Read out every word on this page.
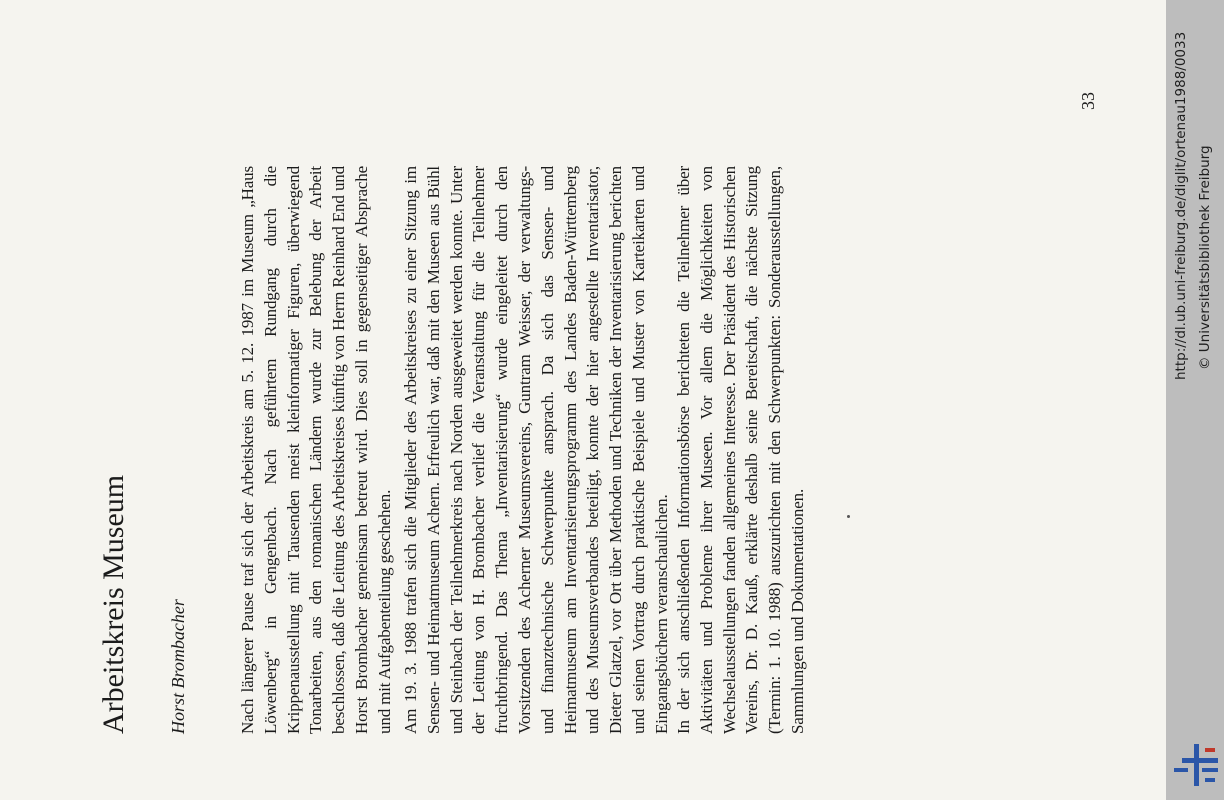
Arbeitskreis Museum Horst Brombacher	Nach längerer Pause traf sich der Arbeitskreis am 5. 12. 1987 im Museum „Haus Löwenberg“ in Gengenbach. Nach geführtem Rundgang durch die Krippenausstellung mit Tausenden meist kleinformatiger Figuren, überwiegend Tonarbeiten, aus den romanischen Ländern wurde zur Belebung der Arbeit beschlossen, daß die Leitung des Arbeitskreises künftig von Herrn Reinhard End und Horst Brombacher gemeinsam betreut wird. Dies soll in gegenseitiger Absprache und mit Aufgabenteilung geschehen. Am 19. 3. 1988 trafen sich die Mitglieder des Arbeitskreises zu einer Sitzung im Sensen- und Heimatmuseum Achern. Erfreulich war, daß mit den Museen aus Bühl und Steinbach der Teilnehmerkreis nach Norden ausgeweitet werden konnte. Unter der Leitung von H. Brombacher verlief die Veranstaltung für die Teilnehmer fruchtbringend. Das Thema „Inventarisierung“ wurde eingeleitet durch den Vorsitzenden des Acherner Museumsvereins, Guntram Weisser, der verwaltungs- und finanztechnische Schwerpunkte ansprach. Da sich das Sensen- und Heimatmuseum am Inventarisierungsprogramm des Landes Baden-Württemberg und des Museumsverbandes beteiligt, konnte der hier angestellte Inventarisator, Dieter Glatzel, vor Ort über Methoden und Techniken der Inventarisierung berichten und seinen Vortrag durch praktische Beispiele und Muster von Karteikarten und Eingangsbüchern veranschaulichen. In der sich anschließenden Informationsbörse berichteten die Teilnehmer über Aktivitäten und Probleme ihrer Museen. Vor allem die Möglichkeiten von Wechselausstellungen fanden allgemeines Interesse. Der Präsident des Historischen Vereins, Dr. D. Kauß, erklärte deshalb seine Bereitschaft, die nächste Sitzung (Termin: 1. 10. 1988) auszurichten mit den Schwerpunkten: Sonderausstellungen, Sammlungen und Dokumentationen.

33	http://dl.ub.uni-freiburg.de/diglit/ortenau1988/0033 © Universitätsbibliothek Freiburg
